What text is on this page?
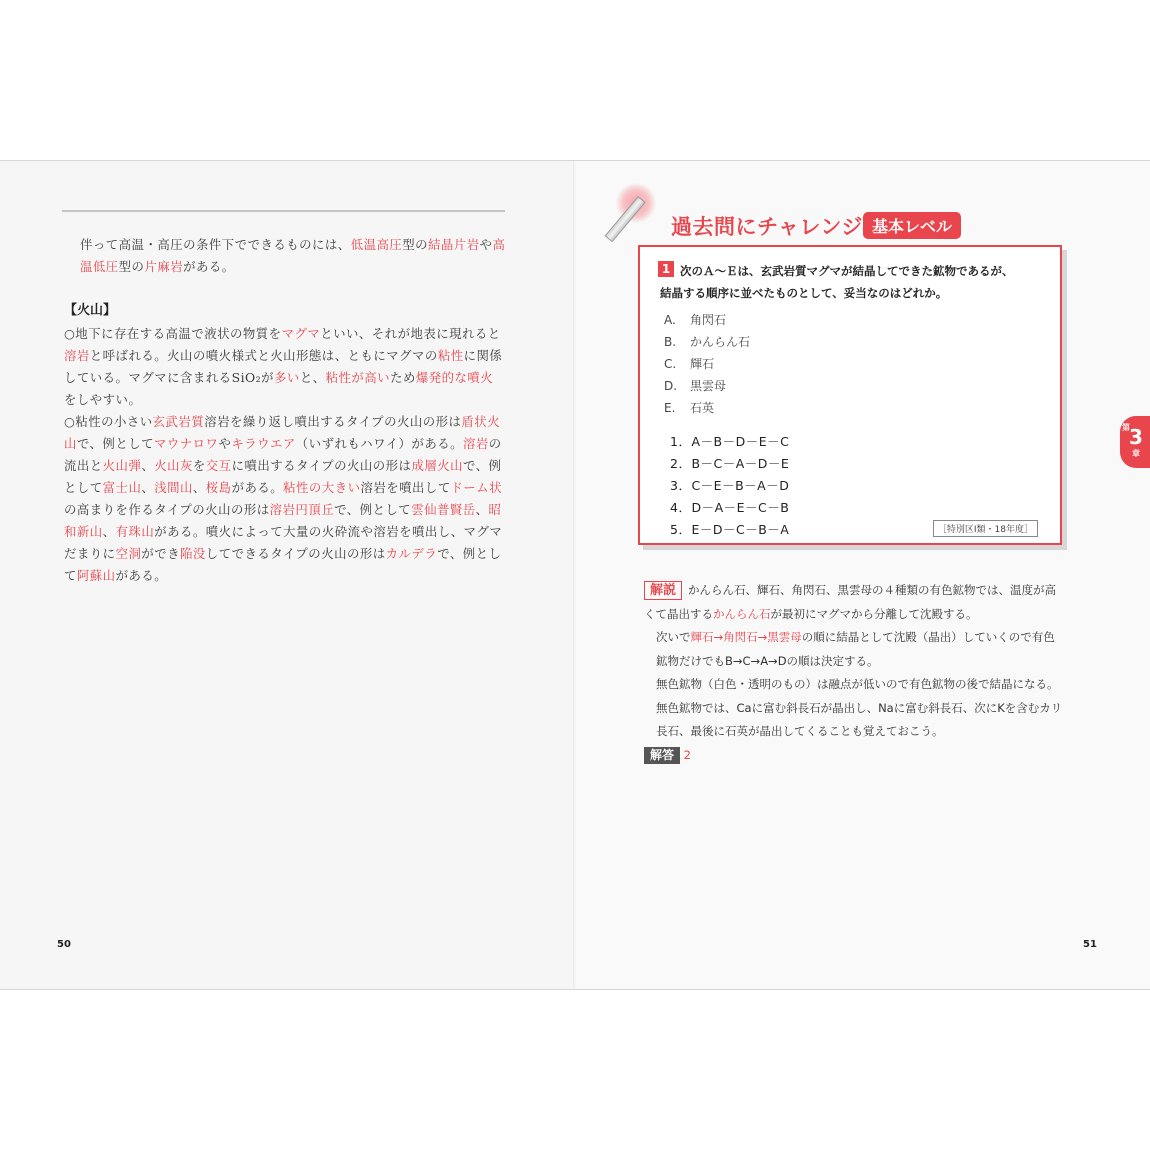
伴って高温・高圧の条件下でできるものには、低温高圧型の結晶片岩や高温低圧型の片麻岩がある。
【火山】
○地下に存在する高温で液状の物質をマグマといい、それが地表に現れると溶岩と呼ばれる。火山の噴火様式と火山形態は、ともにマグマの粘性に関係している。マグマに含まれるSiO₂が多いと、粘性が高いため爆発的な噴火をしやすい。
○粘性の小さい玄武岩質溶岩を繰り返し噴出するタイプの火山の形は盾状火山で、例としてマウナロワやキラウエア（いずれもハワイ）がある。溶岩の流出と火山弾、火山灰を交互に噴出するタイプの火山の形は成層火山で、例として富士山、浅間山、桜島がある。粘性の大きい溶岩を噴出してドーム状の高まりを作るタイプの火山の形は溶岩円頂丘で、例として雲仙普賢岳、昭和新山、有珠山がある。噴火によって大量の火砕流や溶岩を噴出し、マグマだまりに空洞ができ陥没してできるタイプの火山の形はカルデラで、例として阿蘇山がある。
50
過去問にチャレンジ 基本レベル
1 次のＡ～Ｅは、玄武岩質マグマが結晶してできた鉱物であるが、
結晶する順序に並べたものとして、妥当なのはどれか。
A. 角閃石
B. かんらん石
C. 輝石
D. 黒雲母
E. 石英
1．A－B－D－E－C
2．B－C－A－D－E
3．C－E－B－A－D
4．D－A－E－C－B
5．E－D－C－B－A	［特別区Ⅰ類・18年度］
第 3
章
解説 かんらん石、輝石、角閃石、黒雲母の４種類の有色鉱物では、温度が高くて晶出するかんらん石が最初にマグマから分離して沈殿する。
次いで輝石→角閃石→黒雲母の順に結晶として沈殿（晶出）していくので有色鉱物だけでもB→C→A→Dの順は決定する。
無色鉱物（白色・透明のもの）は融点が低いので有色鉱物の後で結晶になる。無色鉱物では、Caに富む斜長石が晶出し、Naに富む斜長石、次にKを含むカリ長石、最後に石英が晶出してくることも覚えておこう。
解答 2
51
